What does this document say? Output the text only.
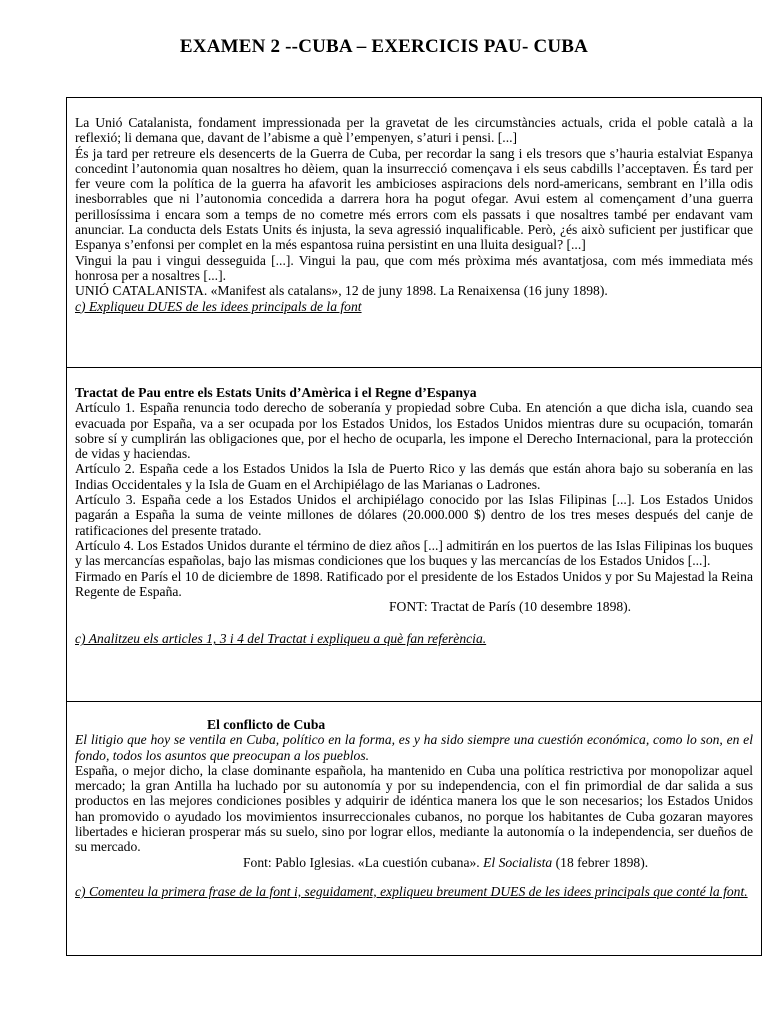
EXAMEN 2 --CUBA – EXERCICIS PAU- CUBA

La Unió Catalanista, fondament impressionada per la gravetat de les circumstàncies actuals, crida el poble català a la reflexió; li demana que, davant de l’abisme a què l’empenyen, s’aturi i pensi. [...]

És ja tard per retreure els desencerts de la Guerra de Cuba, per recordar la sang i els tresors que s’hauria estalviat Espanya concedint l’autonomia quan nosaltres ho dèiem, quan la insurrecció començava i els seus cabdills l’acceptaven. És tard per fer veure com la política de la guerra ha afavorit les ambicioses aspiracions dels nord-americans, sembrant en l’illa odis inesborrables que ni l’autonomia concedida a darrera hora ha pogut ofegar. Avui estem al començament d’una guerra perillosíssima i encara som a temps de no cometre més errors com els passats i que nosaltres també per endavant vam anunciar. La conducta dels Estats Units és injusta, la seva agressió inqualificable. Però, ¿és això suficient per justificar que Espanya s’enfonsi per complet en la més espantosa ruina persistint en una lluita desigual? [...]

Vingui la pau i vingui desseguida [...]. Vingui la pau, que com més pròxima més avantatjosa, com més immediata més honrosa per a nosaltres [...].

UNIÓ CATALANISTA. «Manifest als catalans», 12 de juny 1898. La Renaixensa (16 juny 1898).

c) Expliqueu DUES de les idees principals de la font

Tractat de Pau entre els Estats Units d’Amèrica i el Regne d’Espanya

Artículo 1. España renuncia todo derecho de soberanía y propiedad sobre Cuba. En atención a que dicha isla, cuando sea evacuada por España, va a ser ocupada por los Estados Unidos, los Estados Unidos mientras dure su ocupación, tomarán sobre sí y cumplirán las obligaciones que, por el hecho de ocuparla, les impone el Derecho Internacional, para la protección de vidas y haciendas.

Artículo 2. España cede a los Estados Unidos la Isla de Puerto Rico y las demás que están ahora bajo su soberanía en las Indias Occidentales y la Isla de Guam en el Archipiélago de las Marianas o Ladrones.

Artículo 3. España cede a los Estados Unidos el archipiélago conocido por las Islas Filipinas [...]. Los Estados Unidos pagarán a España la suma de veinte millones de dólares (20.000.000 $) dentro de los tres meses después del canje de ratificaciones del presente tratado.

Artículo 4. Los Estados Unidos durante el término de diez años [...] admitirán en los puertos de las Islas Filipinas los buques y las mercancías españolas, bajo las mismas condiciones que los buques y las mercancías de los Estados Unidos [...].

Firmado en París el 10 de diciembre de 1898. Ratificado por el presidente de los Estados Unidos y por Su Majestad la Reina Regente de España.

FONT: Tractat de París (10 desembre 1898).

c) Analitzeu els articles 1, 3 i 4 del Tractat i expliqueu a què fan referència.

El conflicto de Cuba

El litigio que hoy se ventila en Cuba, político en la forma, es y ha sido siempre una cuestión económica, como lo son, en el fondo, todos los asuntos que preocupan a los pueblos.

España, o mejor dicho, la clase dominante española, ha mantenido en Cuba una política restrictiva por monopolizar aquel mercado; la gran Antilla ha luchado por su autonomía y por su independencia, con el fin primordial de dar salida a sus productos en las mejores condiciones posibles y adquirir de idéntica manera los que le son necesarios; los Estados Unidos han promovido o ayudado los movimientos insurreccionales cubanos, no porque los habitantes de Cuba gozaran mayores libertades e hicieran prosperar más su suelo, sino por lograr ellos, mediante la autonomía o la independencia, ser dueños de su mercado.

Font: Pablo Iglesias. «La cuestión cubana». El Socialista (18 febrer 1898).

c) Comenteu la primera frase de la font i, seguidament, expliqueu breument DUES de les idees principals que conté la font.
